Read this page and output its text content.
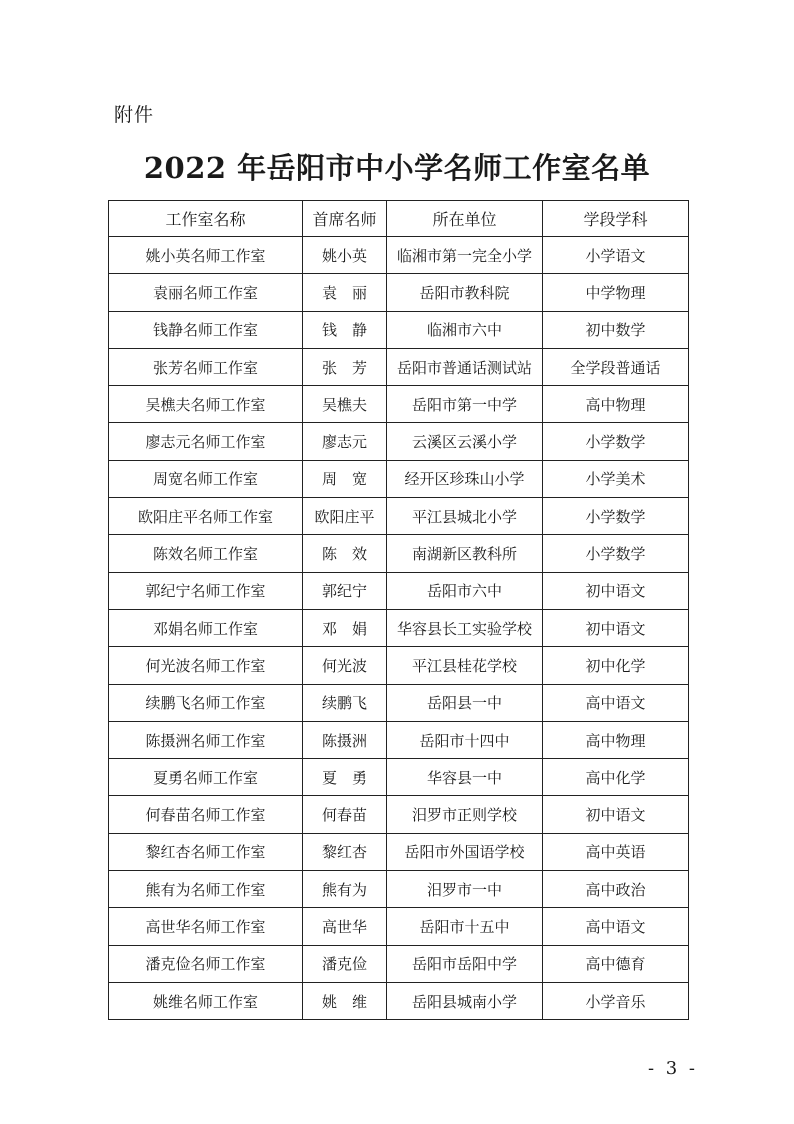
附件
2022 年岳阳市中小学名师工作室名单
工作室名称	首席名师	所在单位	学段学科
姚小英名师工作室	姚小英	临湘市第一完全小学	小学语文
袁丽名师工作室	袁　丽	岳阳市教科院	中学物理
钱静名师工作室	钱　静	临湘市六中	初中数学
张芳名师工作室	张　芳	岳阳市普通话测试站	全学段普通话
吴樵夫名师工作室	吴樵夫	岳阳市第一中学	高中物理
廖志元名师工作室	廖志元	云溪区云溪小学	小学数学
周宽名师工作室	周　宽	经开区珍珠山小学	小学美术
欧阳庄平名师工作室	欧阳庄平	平江县城北小学	小学数学
陈效名师工作室	陈　效	南湖新区教科所	小学数学
郭纪宁名师工作室	郭纪宁	岳阳市六中	初中语文
邓娟名师工作室	邓　娟	华容县长工实验学校	初中语文
何光波名师工作室	何光波	平江县桂花学校	初中化学
续鹏飞名师工作室	续鹏飞	岳阳县一中	高中语文
陈摄洲名师工作室	陈摄洲	岳阳市十四中	高中物理
夏勇名师工作室	夏　勇	华容县一中	高中化学
何春苗名师工作室	何春苗	汨罗市正则学校	初中语文
黎红杏名师工作室	黎红杏	岳阳市外国语学校	高中英语
熊有为名师工作室	熊有为	汨罗市一中	高中政治
高世华名师工作室	高世华	岳阳市十五中	高中语文
潘克俭名师工作室	潘克俭	岳阳市岳阳中学	高中德育
姚维名师工作室	姚　维	岳阳县城南小学	小学音乐
- 3 -
